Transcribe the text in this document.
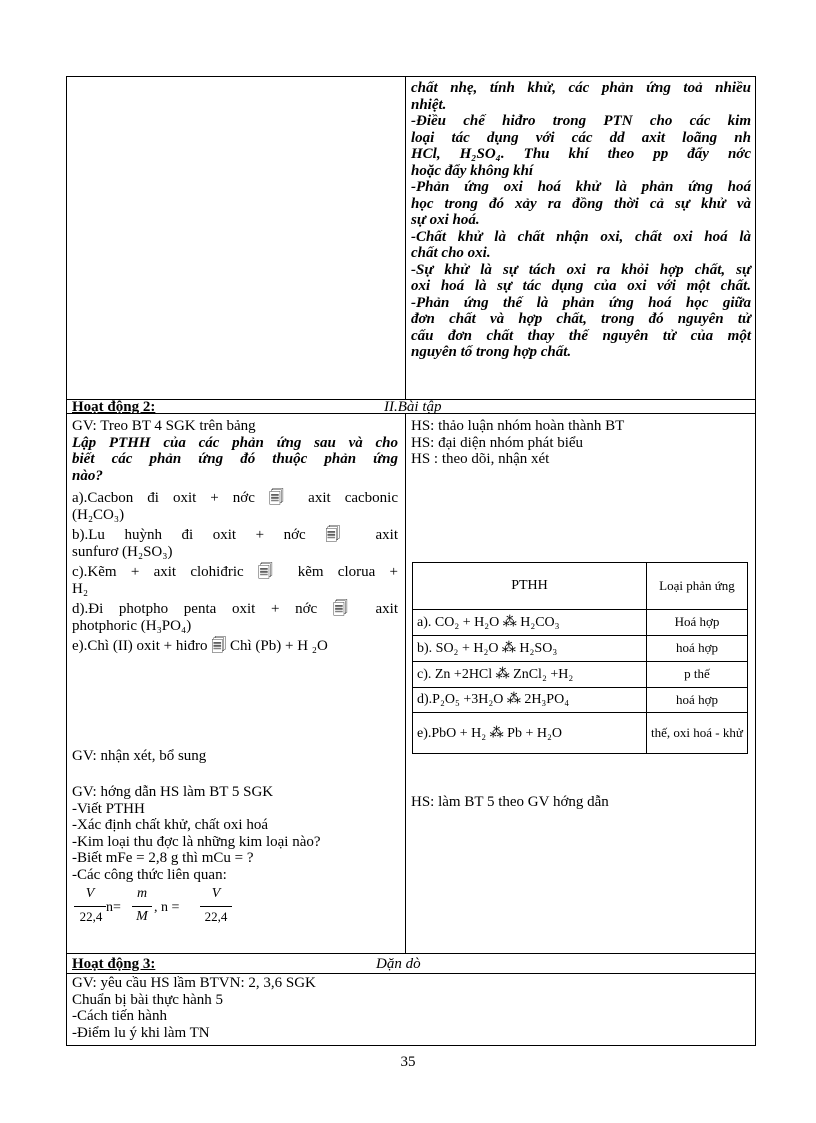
chất nhẹ, tính khử, các phản ứng toả nhiều
nhiệt.
-Điều chế hiđro trong PTN cho các kim
loại tác dụng với các dd axit loãng nh
HCl, H₂SO₄. Thu khí theo pp đẩy nớc
hoặc đẩy không khí
-Phản ứng oxi hoá khử là phản ứng hoá
học trong đó xảy ra đồng thời cả sự khử và
sự oxi hoá.
-Chất khử là chất nhận oxi, chất oxi hoá là
chất cho oxi.
-Sự khử là sự tách oxi ra khỏi hợp chất, sự
oxi hoá là sự tác dụng của oxi với một chất.
-Phản ứng thế là phản ứng hoá học giữa
đơn chất và hợp chất, trong đó nguyên tử
cấu đơn chất thay thế nguyên tử của một
nguyên tố trong hợp chất.
Hoạt động 2:	II.Bài tập
GV: Treo BT 4 SGK trên bảng
Lập PTHH của các phản ứng sau và cho
biết các phản ứng đó thuộc phản ứng
nào?
a).Cacbon đi oxit + nớc 🗐 axit cacbonic
(H₂CO₃)
b).Lu huỳnh đi oxit + nớc 🗐 axit
sunfurơ (H₂SO₃)
c).Kẽm + axit clohiđric 🗐 kẽm clorua +
H₂
d).Đi photpho penta oxit + nớc 🗐 axit
photphoric (H₃PO₄)
e).Chì (II) oxit + hiđro 🗐 Chì (Pb) + H ₂O
GV: nhận xét, bổ sung
GV: hớng dẫn HS làm BT 5 SGK
-Viết PTHH
-Xác định chất khử, chất oxi hoá
-Kim loại thu đợc là những kim loại nào?
-Biết mFe = 2,8 g thì mCu = ?
-Các công thức liên quan:
V
22,4
n=
m
M
, n =
V
22,4
HS: thảo luận nhóm hoàn thành BT
HS: đại diện nhóm phát biểu
HS : theo dõi, nhận xét
PTHH	Loại phản ứng
a). CO₂ + H₂O ⁂ H₂CO₃	Hoá hợp
b). SO₂ + H₂O ⁂ H₂SO₃	hoá hợp
c). Zn +2HCl ⁂ ZnCl₂ +H₂	p thế
d).P₂O₅ +3H₂O ⁂ 2H₃PO₄	hoá hợp
e).PbO + H₂ ⁂ Pb + H₂O	thế, oxi hoá - khử
HS: làm BT 5 theo GV hớng dẫn
Hoạt động 3:	Dặn dò
GV: yêu cầu HS lầm BTVN: 2, 3,6 SGK
Chuẩn bị bài thực hành 5
-Cách tiến hành
-Điểm lu ý khi làm TN
35
